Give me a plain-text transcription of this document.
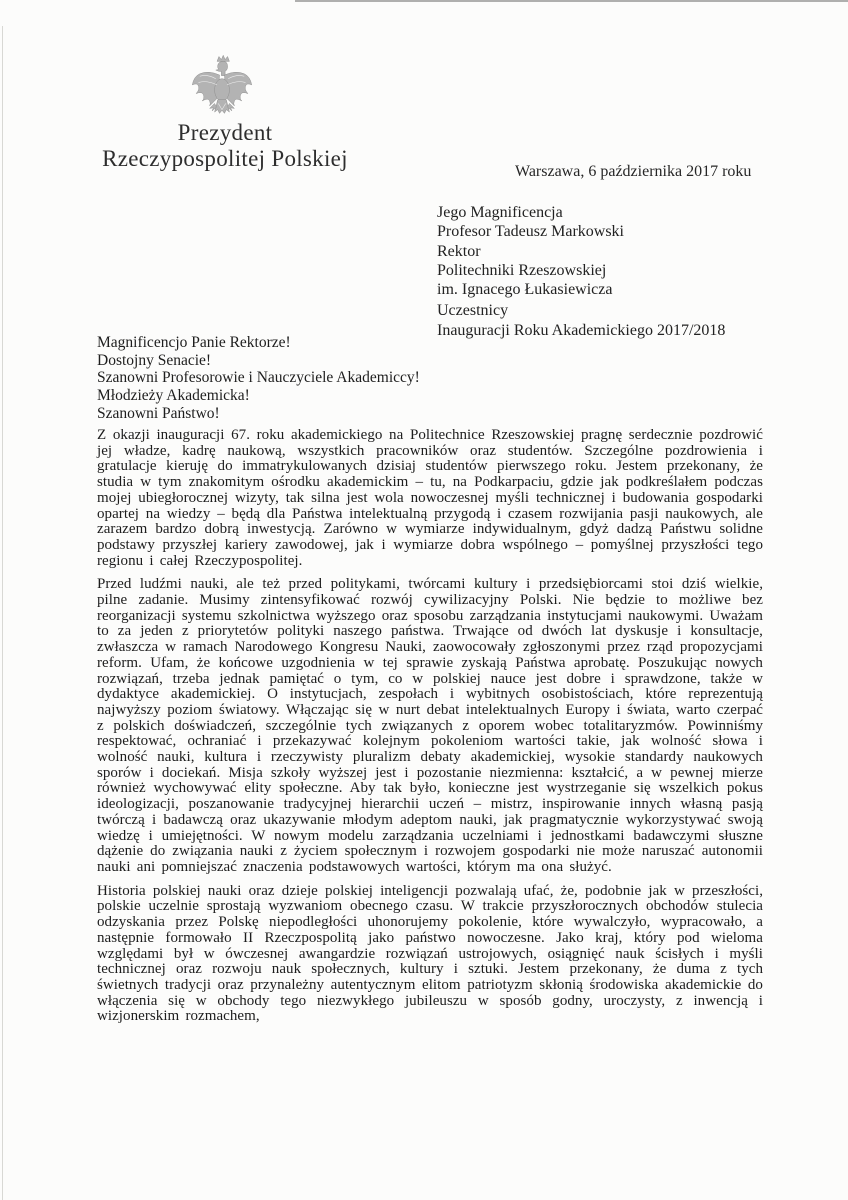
Prezydent
Rzeczypospolitej Polskiej
Warszawa, 6 października 2017 roku
Jego Magnificencja
Profesor Tadeusz Markowski
Rektor
Politechniki Rzeszowskiej
im. Ignacego Łukasiewicza
Uczestnicy
Inauguracji Roku Akademickiego 2017/2018
Magnificencjo Panie Rektorze!
Dostojny Senacie!
Szanowni Profesorowie i Nauczyciele Akademiccy!
Młodzieży Akademicka!
Szanowni Państwo!

Z okazji inauguracji 67. roku akademickiego na Politechnice Rzeszowskiej pragnę serdecznie pozdrowić jej władze, kadrę naukową, wszystkich pracowników oraz studentów. Szczególne pozdrowienia i gratulacje kieruję do immatrykulowanych dzisiaj studentów pierwszego roku. Jestem przekonany, że studia w tym znakomitym ośrodku akademickim – tu, na Podkarpaciu, gdzie jak podkreślałem podczas mojej ubiegłorocznej wizyty, tak silna jest wola nowoczesnej myśli technicznej i budowania gospodarki opartej na wiedzy – będą dla Państwa intelektualną przygodą i czasem rozwijania pasji naukowych, ale zarazem bardzo dobrą inwestycją. Zarówno w wymiarze indywidualnym, gdyż dadzą Państwu solidne podstawy przyszłej kariery zawodowej, jak i wymiarze dobra wspólnego – pomyślnej przyszłości tego regionu i całej Rzeczypospolitej.

Przed ludźmi nauki, ale też przed politykami, twórcami kultury i przedsiębiorcami stoi dziś wielkie, pilne zadanie. Musimy zintensyfikować rozwój cywilizacyjny Polski. Nie będzie to możliwe bez reorganizacji systemu szkolnictwa wyższego oraz sposobu zarządzania instytucjami naukowymi. Uważam to za jeden z priorytetów polityki naszego państwa. Trwające od dwóch lat dyskusje i konsultacje, zwłaszcza w ramach Narodowego Kongresu Nauki, zaowocowały zgłoszonymi przez rząd propozycjami reform. Ufam, że końcowe uzgodnienia w tej sprawie zyskają Państwa aprobatę. Poszukując nowych rozwiązań, trzeba jednak pamiętać o tym, co w polskiej nauce jest dobre i sprawdzone, także w dydaktyce akademickiej. O instytucjach, zespołach i wybitnych osobistościach, które reprezentują najwyższy poziom światowy. Włączając się w nurt debat intelektualnych Europy i świata, warto czerpać z polskich doświadczeń, szczególnie tych związanych z oporem wobec totalitaryzmów. Powinniśmy respektować, ochraniać i przekazywać kolejnym pokoleniom wartości takie, jak wolność słowa i wolność nauki, kultura i rzeczywisty pluralizm debaty akademickiej, wysokie standardy naukowych sporów i dociekań. Misja szkoły wyższej jest i pozostanie niezmienna: kształcić, a w pewnej mierze również wychowywać elity społeczne. Aby tak było, konieczne jest wystrzeganie się wszelkich pokus ideologizacji, poszanowanie tradycyjnej hierarchii uczeń – mistrz, inspirowanie innych własną pasją twórczą i badawczą oraz ukazywanie młodym adeptom nauki, jak pragmatycznie wykorzystywać swoją wiedzę i umiejętności. W nowym modelu zarządzania uczelniami i jednostkami badawczymi słuszne dążenie do związania nauki z życiem społecznym i rozwojem gospodarki nie może naruszać autonomii nauki ani pomniejszać znaczenia podstawowych wartości, którym ma ona służyć.

Historia polskiej nauki oraz dzieje polskiej inteligencji pozwalają ufać, że, podobnie jak w przeszłości, polskie uczelnie sprostają wyzwaniom obecnego czasu. W trakcie przyszłorocznych obchodów stulecia odzyskania przez Polskę niepodległości uhonorujemy pokolenie, które wywalczyło, wypracowało, a następnie formowało II Rzeczpospolitą jako państwo nowoczesne. Jako kraj, który pod wieloma względami był w ówczesnej awangardzie rozwiązań ustrojowych, osiągnięć nauk ścisłych i myśli technicznej oraz rozwoju nauk społecznych, kultury i sztuki. Jestem przekonany, że duma z tych świetnych tradycji oraz przynależny autentycznym elitom patriotyzm skłonią środowiska akademickie do włączenia się w obchody tego niezwykłego jubileuszu w sposób godny, uroczysty, z inwencją i wizjonerskim rozmachem,
